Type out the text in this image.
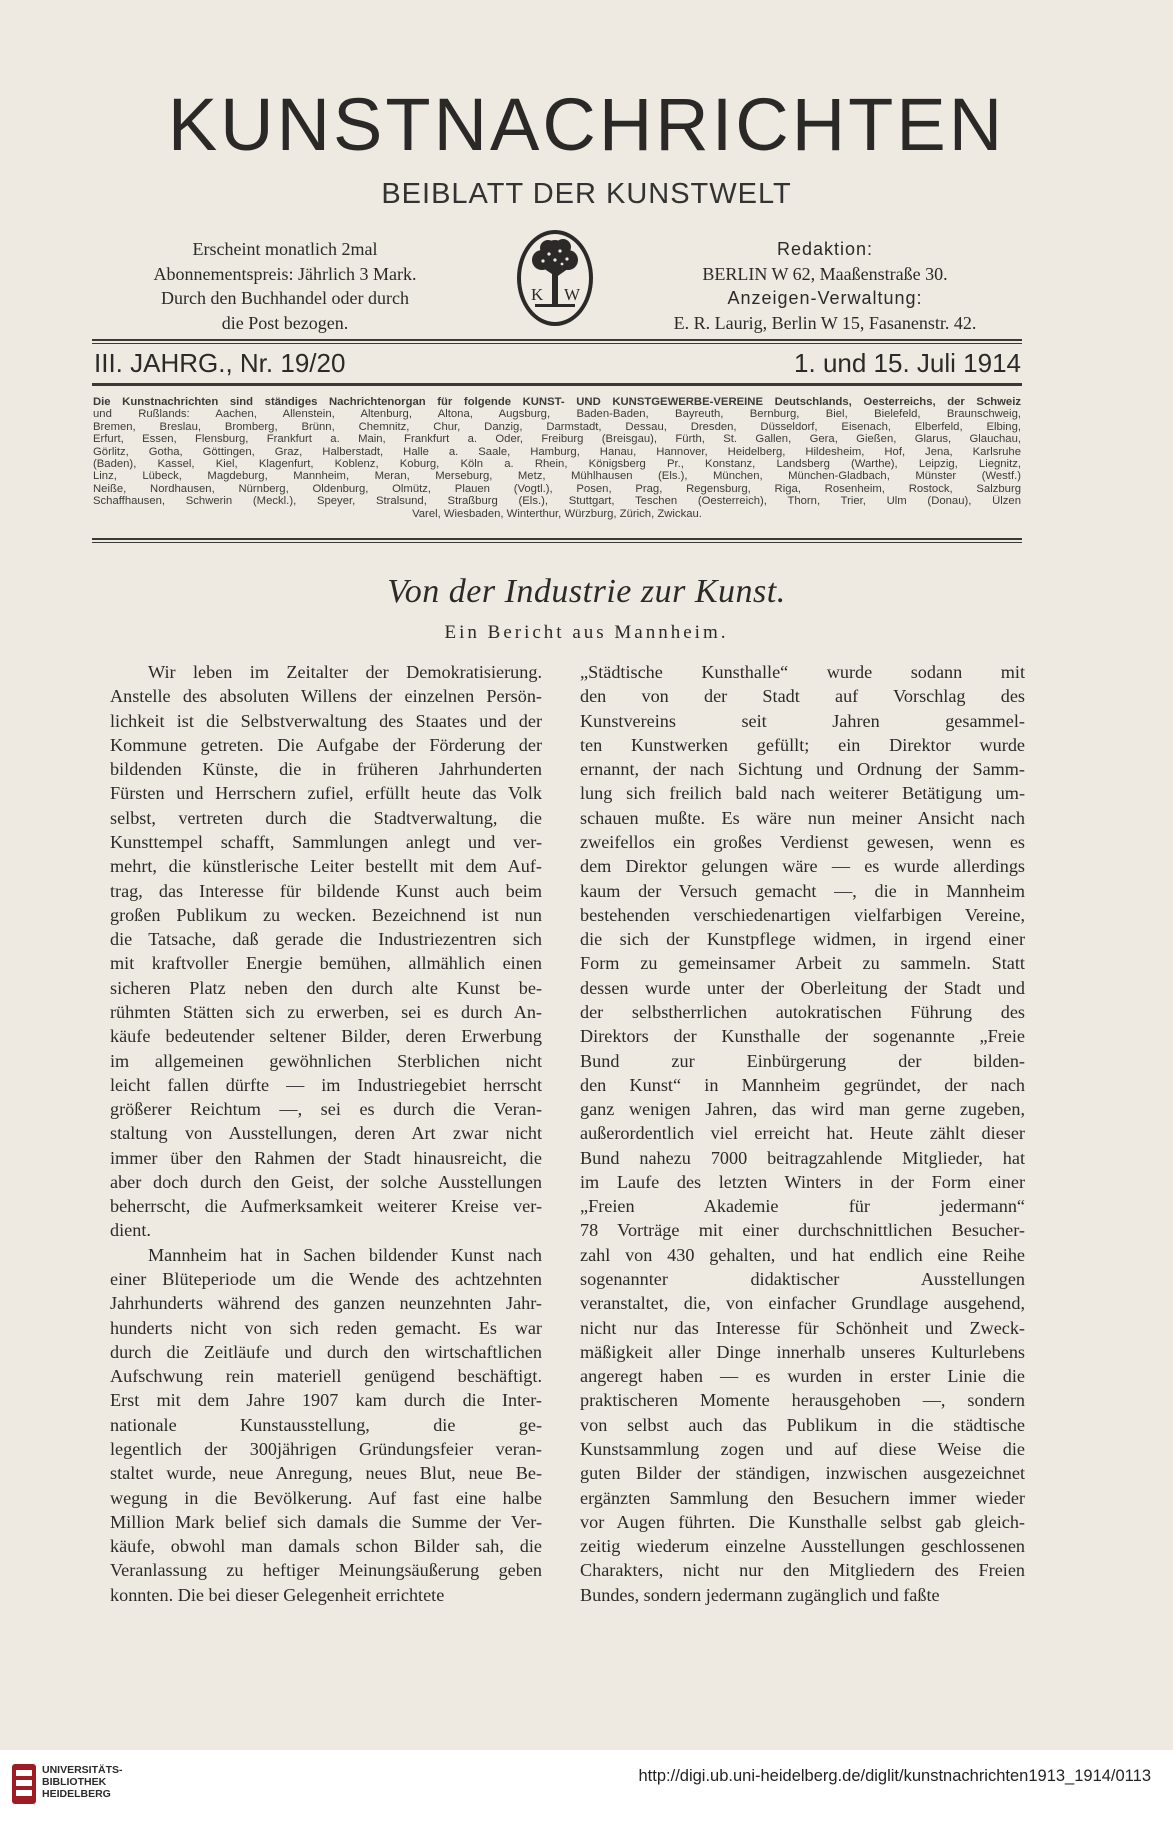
KUNSTNACHRICHTEN
BEIBLATT DER KUNSTWELT
Erscheint monatlich 2mal
Abonnementspreis: Jährlich 3 Mark.
Durch den Buchhandel oder durch
die Post bezogen.
K W
Redaktion:
BERLIN W 62, Maaßenstraße 30.
Anzeigen-Verwaltung:
E. R. Laurig, Berlin W 15, Fasanenstr. 42.
III. JAHRG., Nr. 19/20	1. und 15. Juli 1914
Die Kunstnachrichten sind ständiges Nachrichtenorgan für folgende KUNST- UND KUNSTGEWERBE-VEREINE Deutschlands, Oesterreichs, der Schweiz
und Rußlands: Aachen, Allenstein, Altenburg, Altona, Augsburg, Baden-Baden, Bayreuth, Bernburg, Biel, Bielefeld, Braunschweig,
Bremen, Breslau, Bromberg, Brünn, Chemnitz, Chur, Danzig, Darmstadt, Dessau, Dresden, Düsseldorf, Eisenach, Elberfeld, Elbing,
Erfurt, Essen, Flensburg, Frankfurt a. Main, Frankfurt a. Oder, Freiburg (Breisgau), Fürth, St. Gallen, Gera, Gießen, Glarus, Glauchau,
Görlitz, Gotha, Göttingen, Graz, Halberstadt, Halle a. Saale, Hamburg, Hanau, Hannover, Heidelberg, Hildesheim, Hof, Jena, Karlsruhe
(Baden), Kassel, Kiel, Klagenfurt, Koblenz, Koburg, Köln a. Rhein, Königsberg Pr., Konstanz, Landsberg (Warthe), Leipzig, Liegnitz,
Linz, Lübeck, Magdeburg, Mannheim, Meran, Merseburg, Metz, Mühlhausen (Els.), München, München-Gladbach, Münster (Westf.)
Neiße, Nordhausen, Nürnberg, Oldenburg, Olmütz, Plauen (Vogtl.), Posen, Prag, Regensburg, Riga, Rosenheim, Rostock, Salzburg
Schaffhausen, Schwerin (Meckl.), Speyer, Stralsund, Straßburg (Els.), Stuttgart, Teschen (Oesterreich), Thorn, Trier, Ulm (Donau), Ülzen
Varel, Wiesbaden, Winterthur, Würzburg, Zürich, Zwickau.
Von der Industrie zur Kunst.
Ein Bericht aus Mannheim.
Wir leben im Zeitalter der Demokratisierung.
Anstelle des absoluten Willens der einzelnen Persön-
lichkeit ist die Selbstverwaltung des Staates und der
Kommune getreten. Die Aufgabe der Förderung der
bildenden Künste, die in früheren Jahrhunderten
Fürsten und Herrschern zufiel, erfüllt heute das Volk
selbst, vertreten durch die Stadtverwaltung, die
Kunsttempel schafft, Sammlungen anlegt und ver-
mehrt, die künstlerische Leiter bestellt mit dem Auf-
trag, das Interesse für bildende Kunst auch beim
großen Publikum zu wecken. Bezeichnend ist nun
die Tatsache, daß gerade die Industriezentren sich
mit kraftvoller Energie bemühen, allmählich einen
sicheren Platz neben den durch alte Kunst be-
rühmten Stätten sich zu erwerben, sei es durch An-
käufe bedeutender seltener Bilder, deren Erwerbung
im allgemeinen gewöhnlichen Sterblichen nicht
leicht fallen dürfte — im Industriegebiet herrscht
größerer Reichtum —, sei es durch die Veran-
staltung von Ausstellungen, deren Art zwar nicht
immer über den Rahmen der Stadt hinausreicht, die
aber doch durch den Geist, der solche Ausstellungen
beherrscht, die Aufmerksamkeit weiterer Kreise ver-
dient.
Mannheim hat in Sachen bildender Kunst nach
einer Blüteperiode um die Wende des achtzehnten
Jahrhunderts während des ganzen neunzehnten Jahr-
hunderts nicht von sich reden gemacht. Es war
durch die Zeitläufe und durch den wirtschaftlichen
Aufschwung rein materiell genügend beschäftigt.
Erst mit dem Jahre 1907 kam durch die Inter-
nationale Kunstausstellung, die ge-
legentlich der 300jährigen Gründungsfeier veran-
staltet wurde, neue Anregung, neues Blut, neue Be-
wegung in die Bevölkerung. Auf fast eine halbe
Million Mark belief sich damals die Summe der Ver-
käufe, obwohl man damals schon Bilder sah, die
Veranlassung zu heftiger Meinungsäußerung geben
konnten. Die bei dieser Gelegenheit errichtete
„Städtische Kunsthalle“ wurde sodann mit
den von der Stadt auf Vorschlag des
Kunstvereins seit Jahren gesammel-
ten Kunstwerken gefüllt; ein Direktor wurde
ernannt, der nach Sichtung und Ordnung der Samm-
lung sich freilich bald nach weiterer Betätigung um-
schauen mußte. Es wäre nun meiner Ansicht nach
zweifellos ein großes Verdienst gewesen, wenn es
dem Direktor gelungen wäre — es wurde allerdings
kaum der Versuch gemacht —, die in Mannheim
bestehenden verschiedenartigen vielfarbigen Vereine,
die sich der Kunstpflege widmen, in irgend einer
Form zu gemeinsamer Arbeit zu sammeln. Statt
dessen wurde unter der Oberleitung der Stadt und
der selbstherrlichen autokratischen Führung des
Direktors der Kunsthalle der sogenannte „Freie
Bund zur Einbürgerung der bilden-
den Kunst“ in Mannheim gegründet, der nach
ganz wenigen Jahren, das wird man gerne zugeben,
außerordentlich viel erreicht hat. Heute zählt dieser
Bund nahezu 7000 beitragzahlende Mitglieder, hat
im Laufe des letzten Winters in der Form einer
„Freien Akademie für jedermann“
78 Vorträge mit einer durchschnittlichen Besucher-
zahl von 430 gehalten, und hat endlich eine Reihe
sogenannter didaktischer Ausstellungen
veranstaltet, die, von einfacher Grundlage ausgehend,
nicht nur das Interesse für Schönheit und Zweck-
mäßigkeit aller Dinge innerhalb unseres Kulturlebens
angeregt haben — es wurden in erster Linie die
praktischeren Momente herausgehoben —, sondern
von selbst auch das Publikum in die städtische
Kunstsammlung zogen und auf diese Weise die
guten Bilder der ständigen, inzwischen ausgezeichnet
ergänzten Sammlung den Besuchern immer wieder
vor Augen führten. Die Kunsthalle selbst gab gleich-
zeitig wiederum einzelne Ausstellungen geschlossenen
Charakters, nicht nur den Mitgliedern des Freien
Bundes, sondern jedermann zugänglich und faßte
UNIVERSITÄTS-
BIBLIOTHEK
HEIDELBERG
http://digi.ub.uni-heidelberg.de/diglit/kunstnachrichten1913_1914/0113
